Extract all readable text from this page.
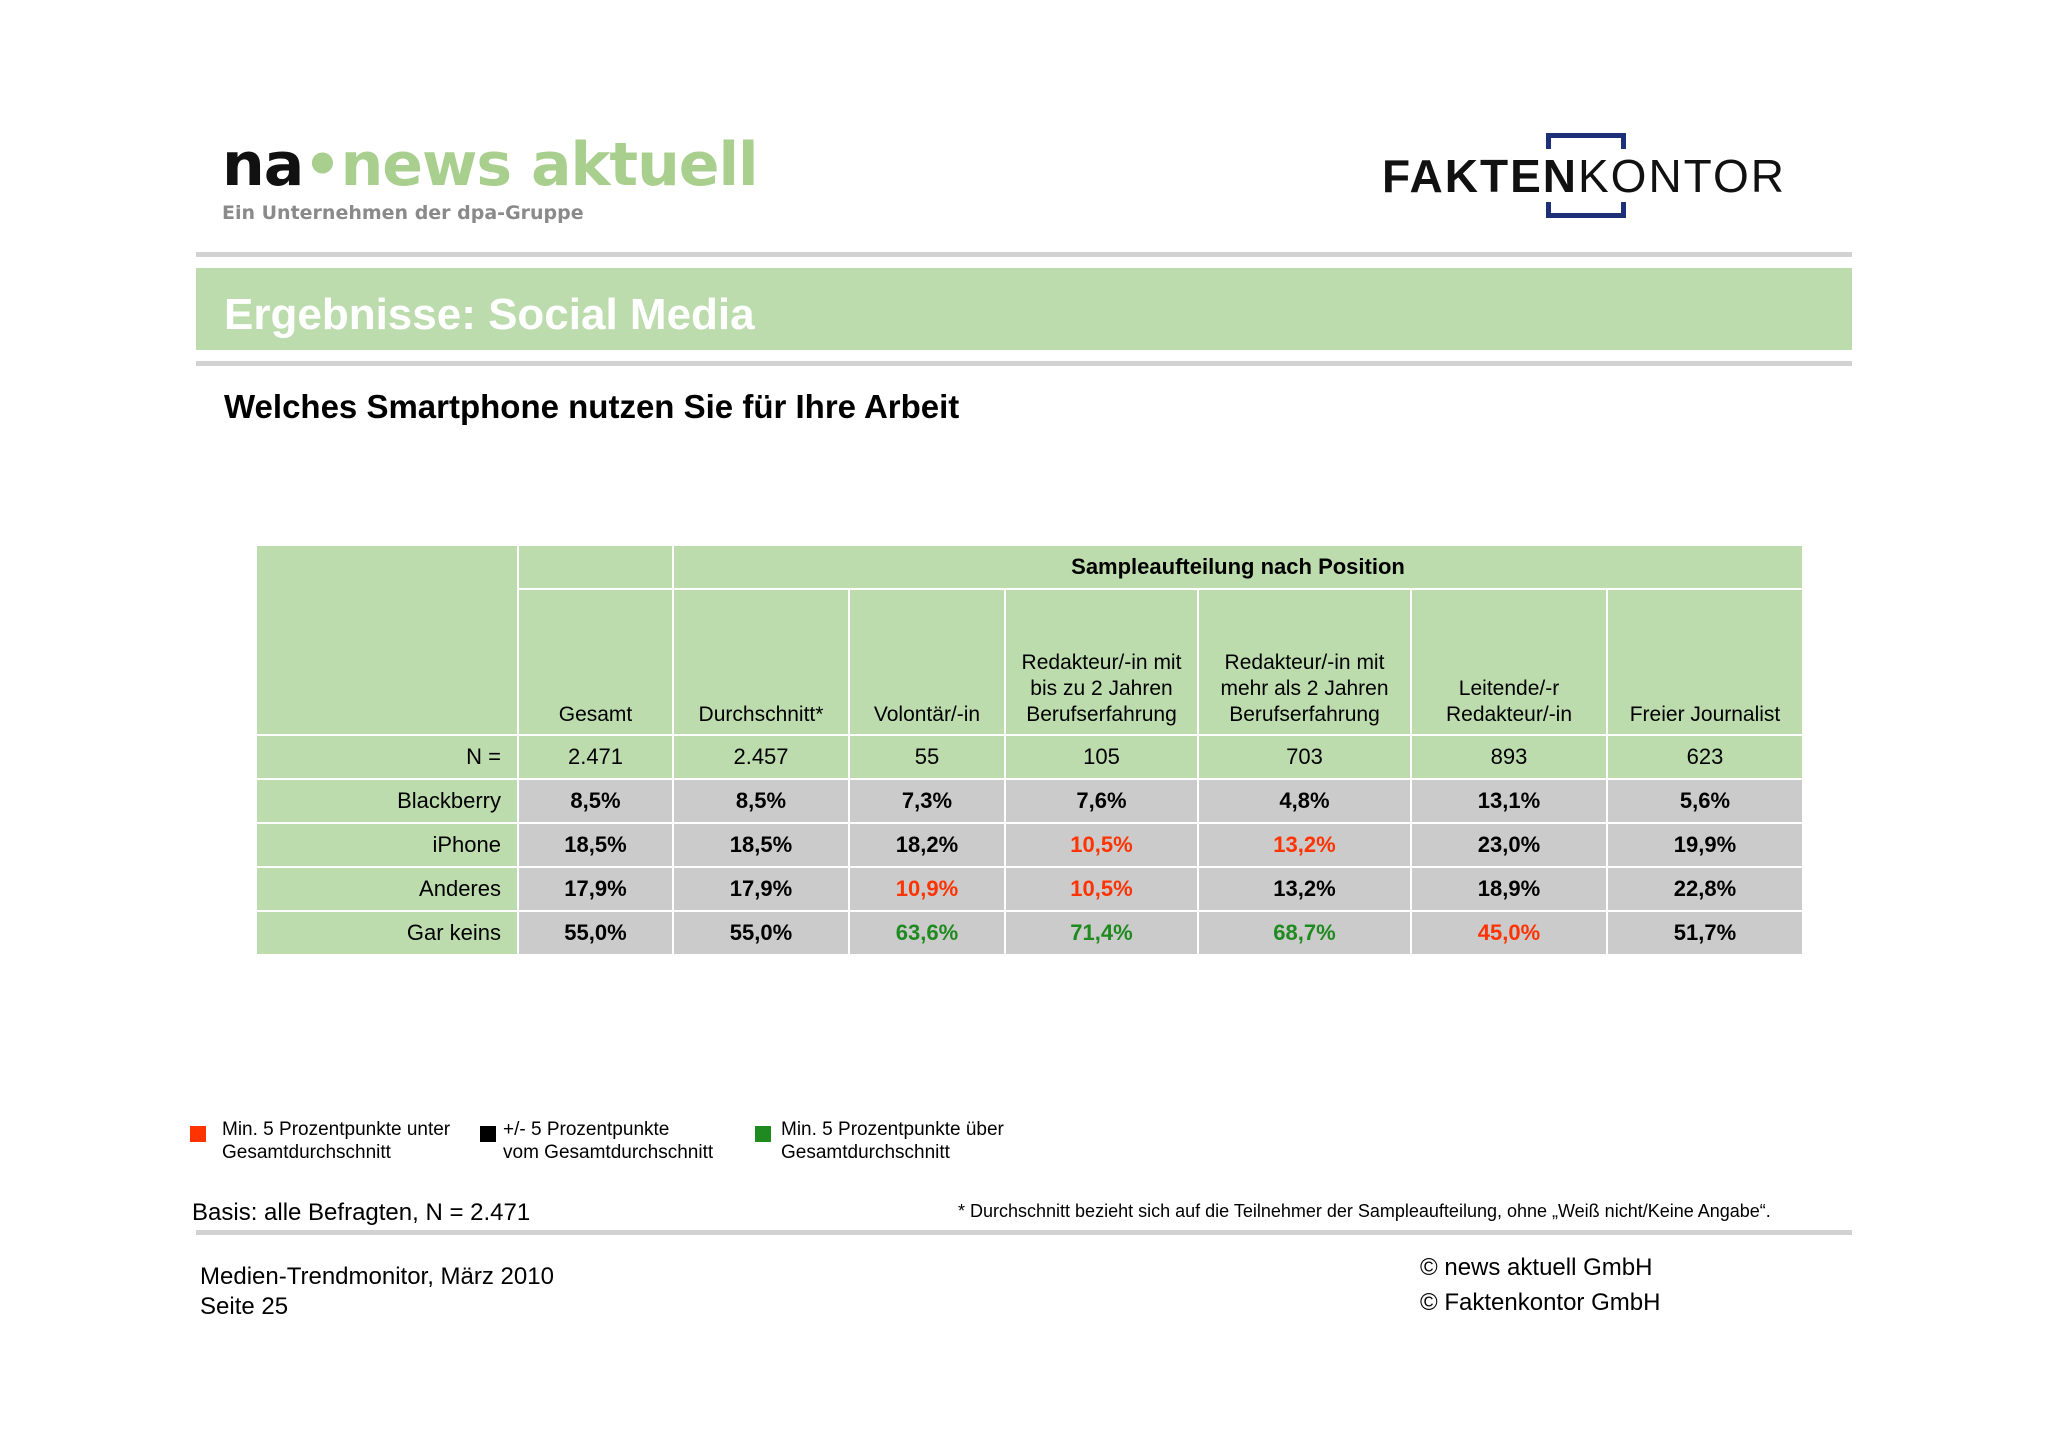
na•news aktuell
Ein Unternehmen der dpa-Gruppe
FAKTENKONTOR
Ergebnisse: Social Media
Welches Smartphone nutzen Sie für Ihre Arbeit
		Sampleaufteilung nach Position					
	Gesamt	Durchschnitt*	Volontär/-in	Redakteur/-in mit bis zu 2 Jahren Berufserfahrung	Redakteur/-in mit mehr als 2 Jahren Berufserfahrung	Leitende/-r Redakteur/-in	Freier Journalist
N =	2.471	2.457	55	105	703	893	623
Blackberry	8,5%	8,5%	7,3%	7,6%	4,8%	13,1%	5,6%
iPhone	18,5%	18,5%	18,2%	10,5%	13,2%	23,0%	19,9%
Anderes	17,9%	17,9%	10,9%	10,5%	13,2%	18,9%	22,8%
Gar keins	55,0%	55,0%	63,6%	71,4%	68,7%	45,0%	51,7%
Min. 5 Prozentpunkte unter
Gesamtdurchschnitt
+/- 5 Prozentpunkte
vom Gesamtdurchschnitt
Min. 5 Prozentpunkte über
Gesamtdurchschnitt
Basis: alle Befragten, N = 2.471	* Durchschnitt bezieht sich auf die Teilnehmer der Sampleaufteilung, ohne „Weiß nicht/Keine Angabe“.
Medien-Trendmonitor, März 2010
Seite 25
© news aktuell GmbH
© Faktenkontor GmbH
